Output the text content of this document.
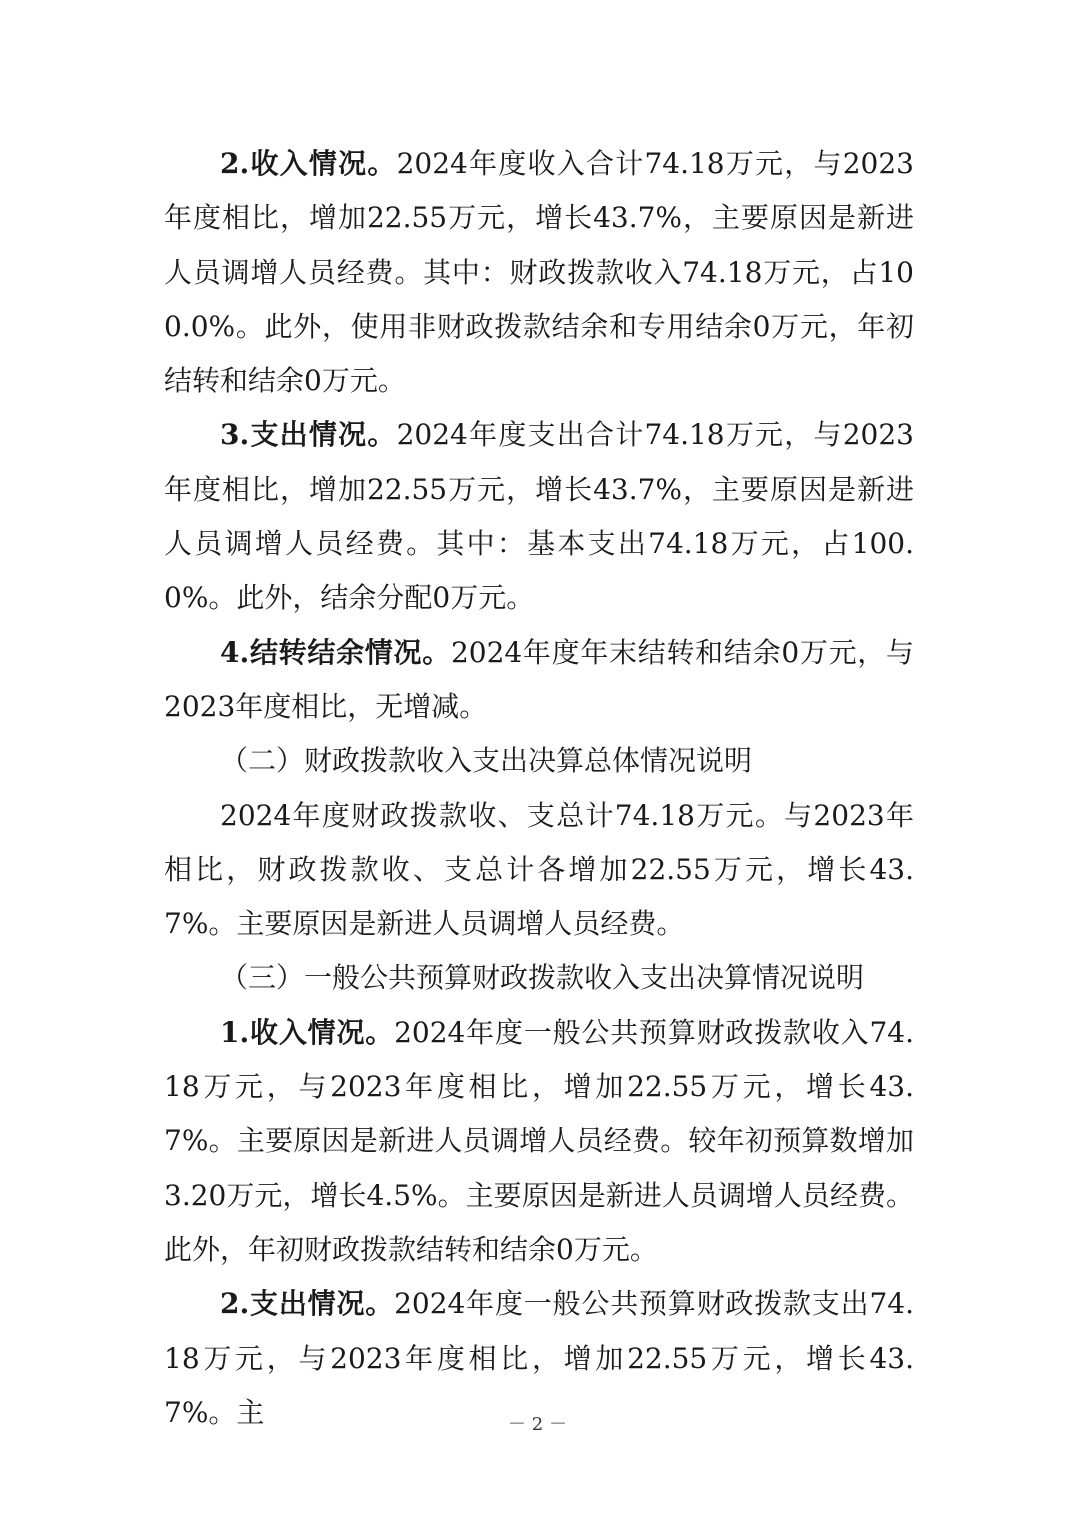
2.收入情况。2024年度收入合计74.18万元，与2023年度相比，增加22.55万元，增长43.7%，主要原因是新进人员调增人员经费。其中：财政拨款收入74.18万元，占100.0%。此外，使用非财政拨款结余和专用结余0万元，年初结转和结余0万元。

3.支出情况。2024年度支出合计74.18万元，与2023年度相比，增加22.55万元，增长43.7%，主要原因是新进人员调增人员经费。其中：基本支出74.18万元，占100.0%。此外，结余分配0万元。

4.结转结余情况。2024年度年末结转和结余0万元，与2023年度相比，无增减。

（二）财政拨款收入支出决算总体情况说明

2024年度财政拨款收、支总计74.18万元。与2023年相比，财政拨款收、支总计各增加22.55万元，增长43.7%。主要原因是新进人员调增人员经费。

（三）一般公共预算财政拨款收入支出决算情况说明

1.收入情况。2024年度一般公共预算财政拨款收入74.18万元，与2023年度相比，增加22.55万元，增长43.7%。主要原因是新进人员调增人员经费。较年初预算数增加3.20万元，增长4.5%。主要原因是新进人员调增人员经费。此外，年初财政拨款结转和结余0万元。

2.支出情况。2024年度一般公共预算财政拨款支出74.18万元，与2023年度相比，增加22.55万元，增长43.7%。主	－ 2 －
